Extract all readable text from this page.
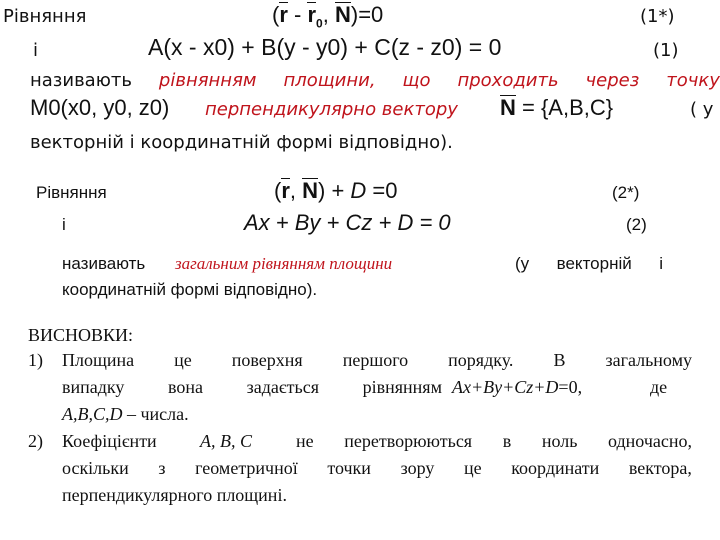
Рівняння	($r - r_0$, N)=0	(1*)
і	A(x - x0) + B(y - y0) + C(z - z0) = 0	(1)
називають рівнянням площини, що проходить через точку
M0(x0, y0, z0) перпендикулярно вектору N = {A,B,C}	( у
векторній і координатній формі відповідно).
Рівняння	(r, N) + D =0	(2*)
і	Ax + By + Cz + D = 0	(2)
називають загальним рівнянням площини	(у векторній і
координатній формі відповідно).
ВИСНОВКИ:
1) Площина це поверхня першого порядку. В загальному
випадку вона задається рівнянням Ax+By+Cz+D=0,	де
A,B,C,D – числа.
2) Коефіцієнти A, B, C не перетворюються в ноль одночасно,
оскільки з геометричної точки зору це координати вектора,
перпендикулярного площині.
